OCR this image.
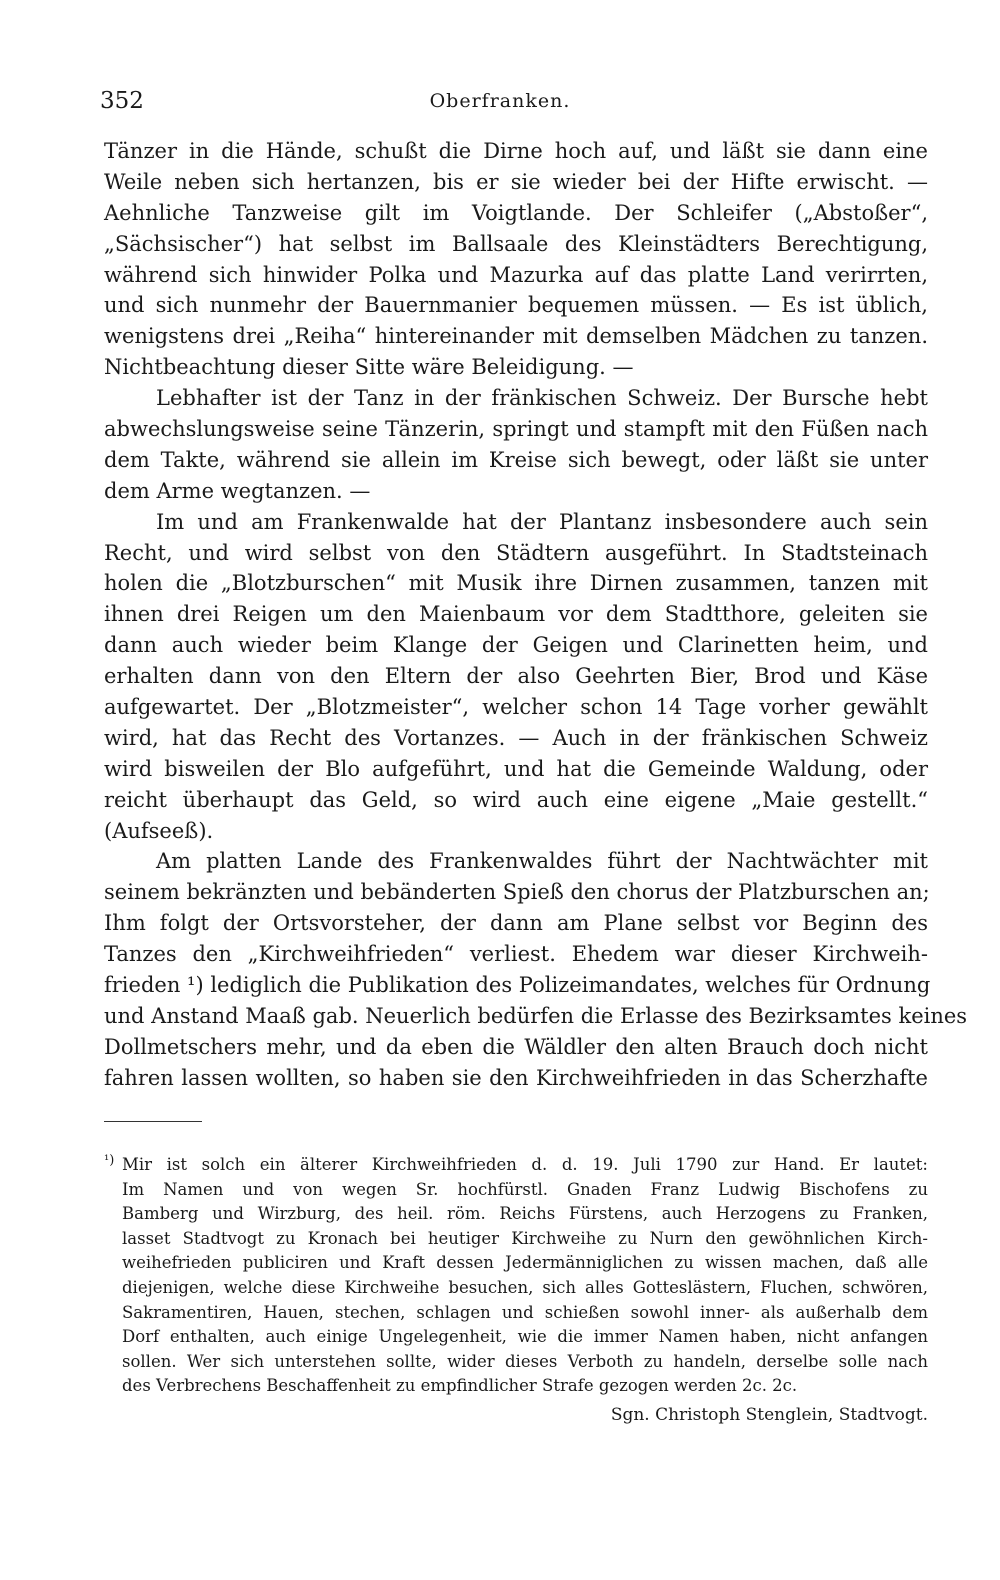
352	Oberfranken.
Tänzer in die Hände, schußt die Dirne hoch auf, und läßt sie dann eine
Weile neben sich hertanzen, bis er sie wieder bei der Hifte erwischt. —
Aehnliche Tanzweise gilt im Voigtlande. Der Schleifer („Abstoßer“,
„Sächsischer“) hat selbst im Ballsaale des Kleinstädters Berechtigung,
während sich hinwider Polka und Mazurka auf das platte Land verirrten,
und sich nunmehr der Bauernmanier bequemen müssen. — Es ist üblich,
wenigstens drei „Reiha“ hintereinander mit demselben Mädchen zu tanzen.
Nichtbeachtung dieser Sitte wäre Beleidigung. —
Lebhafter ist der Tanz in der fränkischen Schweiz. Der Bursche hebt
abwechslungsweise seine Tänzerin, springt und stampft mit den Füßen nach
dem Takte, während sie allein im Kreise sich bewegt, oder läßt sie unter
dem Arme wegtanzen. —
Im und am Frankenwalde hat der Plantanz insbesondere auch sein
Recht, und wird selbst von den Städtern ausgeführt. In Stadtsteinach
holen die „Blotzburschen“ mit Musik ihre Dirnen zusammen, tanzen mit
ihnen drei Reigen um den Maienbaum vor dem Stadtthore, geleiten sie
dann auch wieder beim Klange der Geigen und Clarinetten heim, und
erhalten dann von den Eltern der also Geehrten Bier, Brod und Käse
aufgewartet. Der „Blotzmeister“, welcher schon 14 Tage vorher gewählt
wird, hat das Recht des Vortanzes. — Auch in der fränkischen Schweiz
wird bisweilen der Blo aufgeführt, und hat die Gemeinde Waldung, oder
reicht überhaupt das Geld, so wird auch eine eigene „Maie gestellt.“
(Aufseeß).
Am platten Lande des Frankenwaldes führt der Nachtwächter mit
seinem bekränzten und bebänderten Spieß den chorus der Platzburschen an;
Ihm folgt der Ortsvorsteher, der dann am Plane selbst vor Beginn des
Tanzes den „Kirchweihfrieden“ verliest. Ehedem war dieser Kirchweih-
frieden ¹) lediglich die Publikation des Polizeimandates, welches für Ordnung
und Anstand Maaß gab. Neuerlich bedürfen die Erlasse des Bezirksamtes keines
Dollmetschers mehr, und da eben die Wäldler den alten Brauch doch nicht
fahren lassen wollten, so haben sie den Kirchweihfrieden in das Scherzhafte
¹) Mir ist solch ein älterer Kirchweihfrieden d. d. 19. Juli 1790 zur Hand. Er lautet:
Im Namen und von wegen Sr. hochfürstl. Gnaden Franz Ludwig Bischofens zu
Bamberg und Wirzburg, des heil. röm. Reichs Fürstens, auch Herzogens zu Franken,
lasset Stadtvogt zu Kronach bei heutiger Kirchweihe zu Nurn den gewöhnlichen Kirch-
weihefrieden publiciren und Kraft dessen Jedermänniglichen zu wissen machen, daß alle
diejenigen, welche diese Kirchweihe besuchen, sich alles Gotteslästern, Fluchen, schwören,
Sakramentiren, Hauen, stechen, schlagen und schießen sowohl inner- als außerhalb dem
Dorf enthalten, auch einige Ungelegenheit, wie die immer Namen haben, nicht anfangen
sollen. Wer sich unterstehen sollte, wider dieses Verboth zu handeln, derselbe solle nach
des Verbrechens Beschaffenheit zu empfindlicher Strafe gezogen werden 2c. 2c.
Sgn. Christoph Stenglein, Stadtvogt.
